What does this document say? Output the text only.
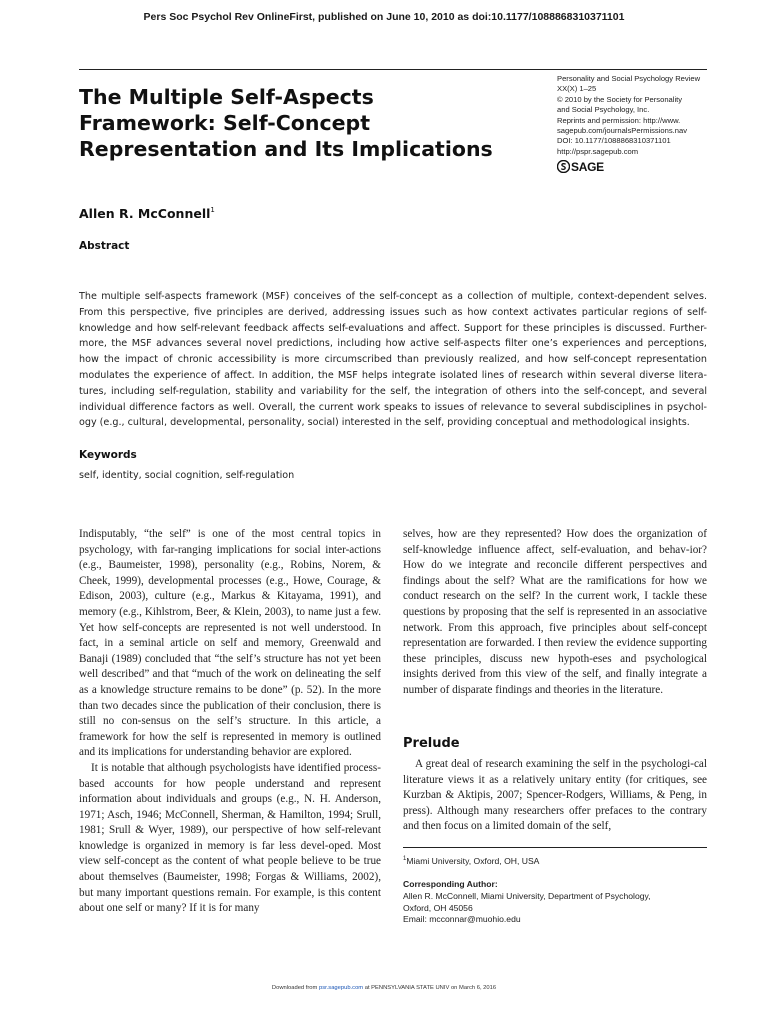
Pers Soc Psychol Rev OnlineFirst, published on June 10, 2010 as doi:10.1177/1088868310371101
The Multiple Self-Aspects Framework: Self-Concept Representation and Its Implications
Personality and Social Psychology Review
XX(X) 1–25
© 2010 by the Society for Personality
and Social Psychology, Inc.
Reprints and permission: http://www.
sagepub.com/journalsPermissions.nav
DOI: 10.1177/1088868310371101
http://pspr.sagepub.com
SAGE
Allen R. McConnell$^1$
Abstract

The multiple self-aspects framework (MSF) conceives of the self-concept as a collection of multiple, context-dependent selves. From this perspective, five principles are derived, addressing issues such as how context activates particular regions of self-knowledge and how self-relevant feedback affects self-evaluations and affect. Support for these principles is discussed. Further-more, the MSF advances several novel predictions, including how active self-aspects filter one’s experiences and perceptions, how the impact of chronic accessibility is more circumscribed than previously realized, and how self-concept representation modulates the experience of affect. In addition, the MSF helps integrate isolated lines of research within several diverse litera-tures, including self-regulation, stability and variability for the self, the integration of others into the self-concept, and several individual difference factors as well. Overall, the current work speaks to issues of relevance to several subdisciplines in psychol-ogy (e.g., cultural, developmental, personality, social) interested in the self, providing conceptual and methodological insights.

Keywords
self, identity, social cognition, self-regulation

Indisputably, “the self” is one of the most central topics in psychology, with far-ranging implications for social inter-actions (e.g., Baumeister, 1998), personality (e.g., Robins, Norem, & Cheek, 1999), developmental processes (e.g., Howe, Courage, & Edison, 2003), culture (e.g., Markus & Kitayama, 1991), and memory (e.g., Kihlstrom, Beer, & Klein, 2003), to name just a few. Yet how self-concepts are represented is not well understood. In fact, in a seminal article on self and memory, Greenwald and Banaji (1989) concluded that “the self’s structure has not yet been well described” and that “much of the work on delineating the self as a knowledge structure remains to be done” (p. 52). In the more than two decades since the publication of their conclusion, there is still no con-sensus on the self’s structure. In this article, a framework for how the self is represented in memory is outlined and its implications for understanding behavior are explored.

It is notable that although psychologists have identified process-based accounts for how people understand and represent information about individuals and groups (e.g., N. H. Anderson, 1971; Asch, 1946; McConnell, Sherman, & Hamilton, 1994; Srull, 1981; Srull & Wyer, 1989), our perspective of how self-relevant knowledge is organized in memory is far less devel-oped. Most view self-concept as the content of what people believe to be true about themselves (Baumeister, 1998; Forgas & Williams, 2002), but many important questions remain. For example, is this content about one self or many? If it is for many

selves, how are they represented? How does the organization of self-knowledge influence affect, self-evaluation, and behav-ior? How do we integrate and reconcile different perspectives and findings about the self? What are the ramifications for how we conduct research on the self? In the current work, I tackle these questions by proposing that the self is represented in an associative network. From this approach, five principles about self-concept representation are forwarded. I then review the evidence supporting these principles, discuss new hypoth-eses and psychological insights derived from this view of the self, and finally integrate a number of disparate findings and theories in the literature.

Prelude

A great deal of research examining the self in the psychologi-cal literature views it as a relatively unitary entity (for critiques, see Kurzban & Aktipis, 2007; Spencer-Rodgers, Williams, & Peng, in press). Although many researchers offer prefaces to the contrary and then focus on a limited domain of the self,

$^1$Miami University, Oxford, OH, USA
Corresponding Author:
Allen R. McConnell, Miami University, Department of Psychology,
Oxford, OH 45056
Email: mcconnar@muohio.edu
Downloaded from psr.sagepub.com at PENNSYLVANIA STATE UNIV on March 6, 2016
